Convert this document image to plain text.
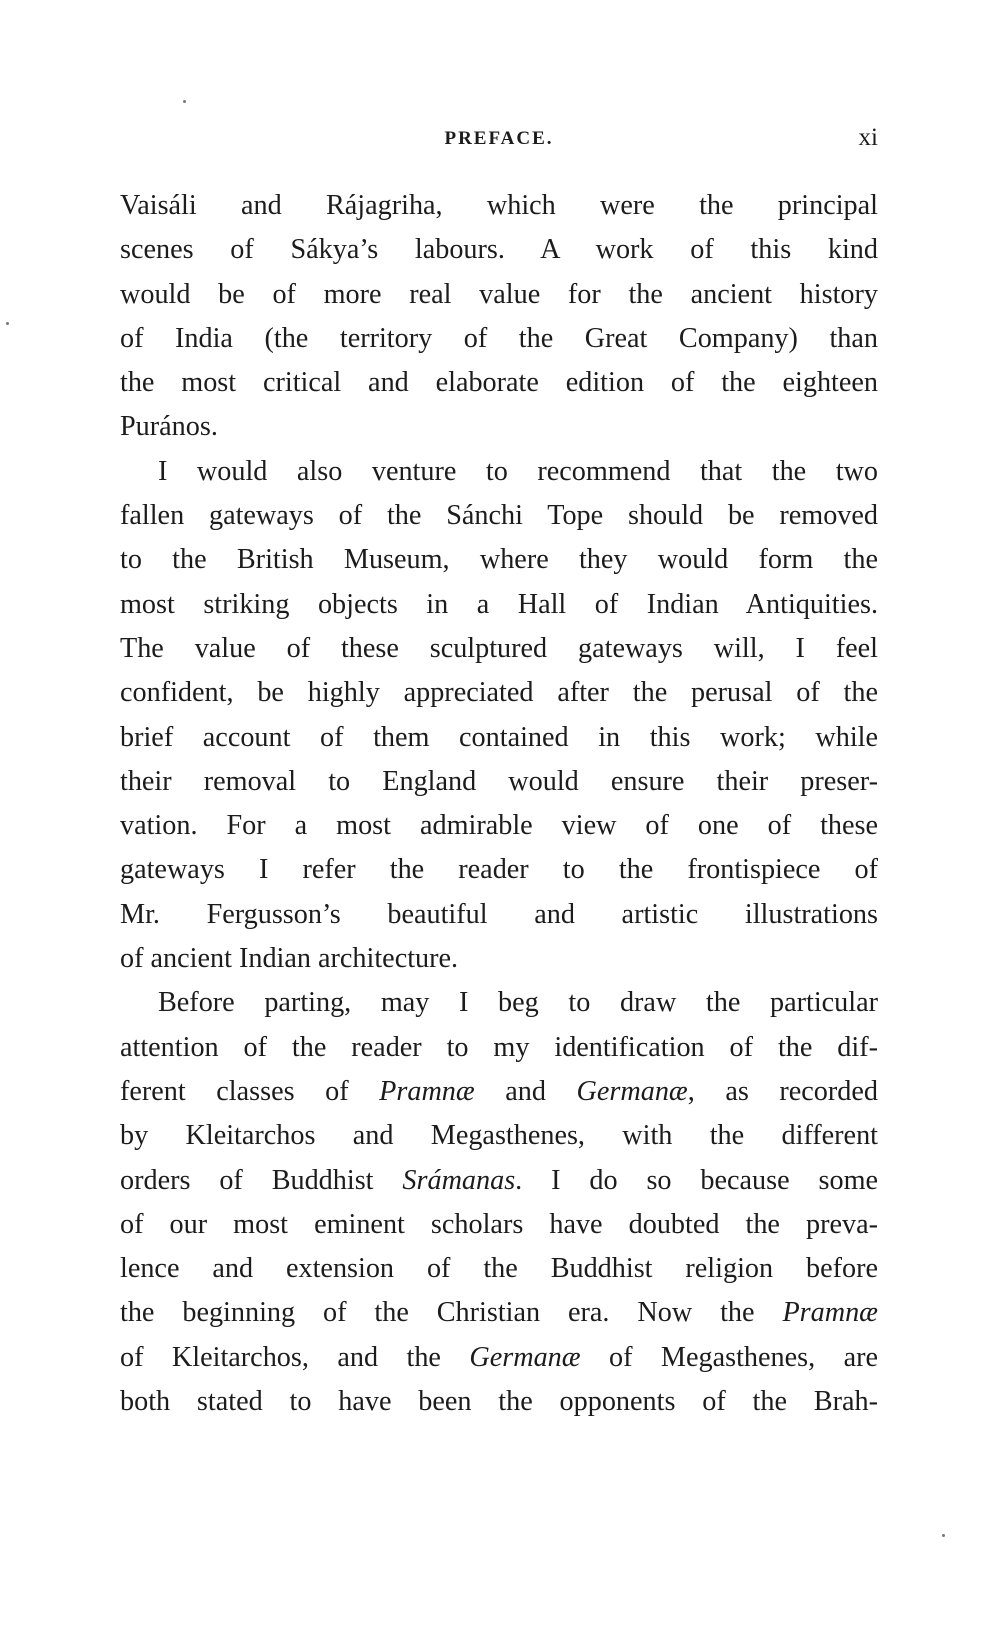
PREFACE.	xi
Vaisáli and Rájagriha, which were the principal
scenes of Sákya’s labours. A work of this kind
would be of more real value for the ancient history
of India (the territory of the Great Company) than
the most critical and elaborate edition of the eighteen
Purános.
I would also venture to recommend that the two
fallen gateways of the Sánchi Tope should be removed
to the British Museum, where they would form the
most striking objects in a Hall of Indian Antiquities.
The value of these sculptured gateways will, I feel
confident, be highly appreciated after the perusal of the
brief account of them contained in this work; while
their removal to England would ensure their preser-
vation. For a most admirable view of one of these
gateways I refer the reader to the frontispiece of
Mr. Fergusson’s beautiful and artistic illustrations
of ancient Indian architecture.
Before parting, may I beg to draw the particular
attention of the reader to my identification of the dif-
ferent classes of Pramnæ and Germanæ, as recorded
by Kleitarchos and Megasthenes, with the different
orders of Buddhist Srámanas. I do so because some
of our most eminent scholars have doubted the preva-
lence and extension of the Buddhist religion before
the beginning of the Christian era. Now the Pramnæ
of Kleitarchos, and the Germanæ of Megasthenes, are
both stated to have been the opponents of the Brah-
